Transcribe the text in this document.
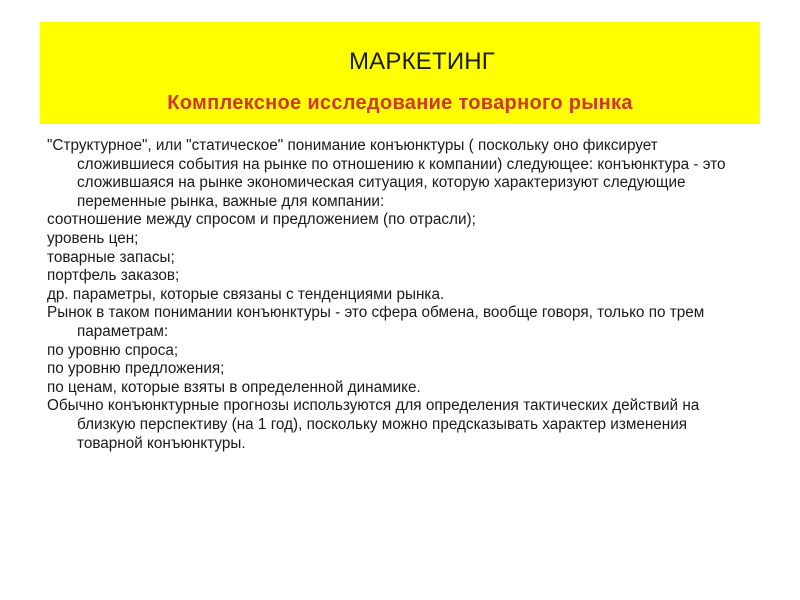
МАРКЕТИНГ
Комплексное исследование товарного рынка
"Структурное", или "статическое" понимание конъюнктуры ( поскольку оно фиксирует сложившиеся события на рынке по отношению к компании) следующее: конъюнктура - это сложившаяся на рынке экономическая ситуация, которую характеризуют следующие переменные рынка, важные для компании:
соотношение между спросом и предложением (по отрасли);
уровень цен;
товарные запасы;
портфель заказов;
др. параметры, которые связаны с тенденциями рынка.
Рынок в таком понимании конъюнктуры - это сфера обмена, вообще говоря, только по трем параметрам:
по уровню спроса;
по уровню предложения;
по ценам, которые взяты в определенной динамике.
Обычно конъюнктурные прогнозы используются для определения тактических действий на близкую перспективу (на 1 год), поскольку можно предсказывать характер изменения товарной конъюнктуры.
